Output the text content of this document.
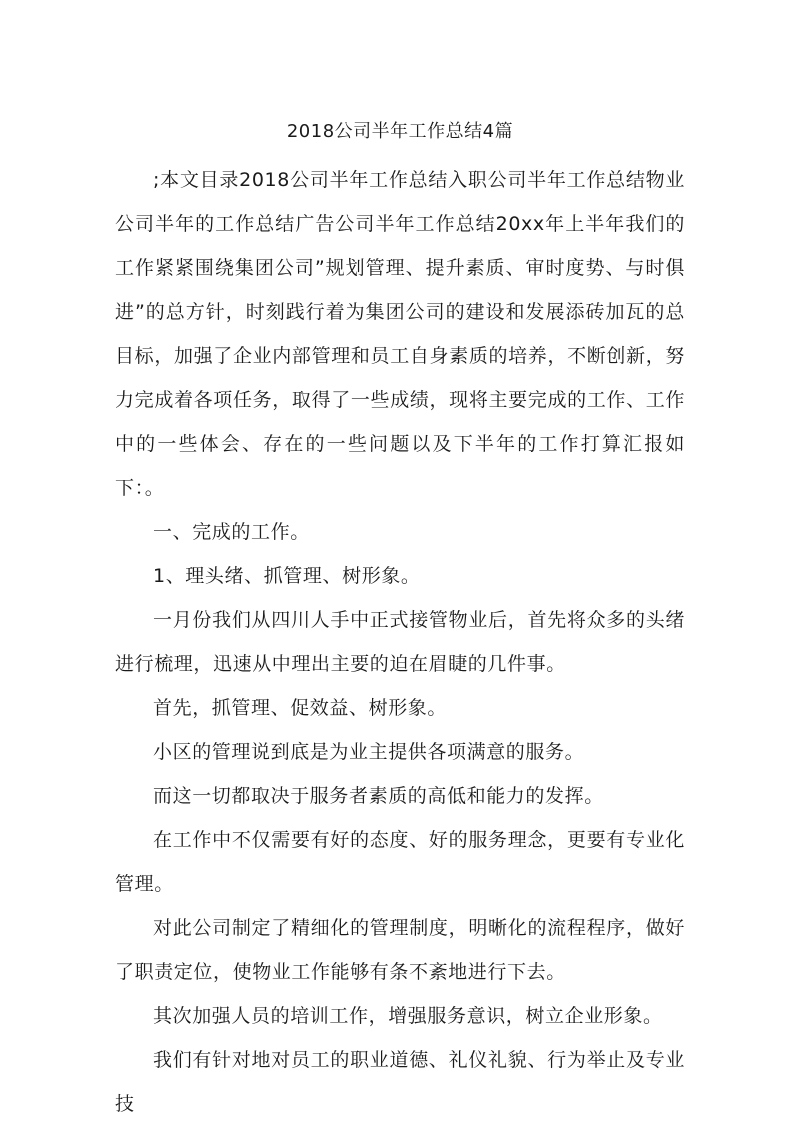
2018公司半年工作总结4篇

;本文目录2018公司半年工作总结入职公司半年工作总结物业公司半年的工作总结广告公司半年工作总结20xx年上半年我们的工作紧紧围绕集团公司”规划管理、提升素质、审时度势、与时俱进”的总方针，时刻践行着为集团公司的建设和发展添砖加瓦的总目标，加强了企业内部管理和员工自身素质的培养，不断创新，努力完成着各项任务，取得了一些成绩，现将主要完成的工作、工作中的一些体会、存在的一些问题以及下半年的工作打算汇报如下：。

一、完成的工作。

1、理头绪、抓管理、树形象。

一月份我们从四川人手中正式接管物业后，首先将众多的头绪进行梳理，迅速从中理出主要的迫在眉睫的几件事。

首先，抓管理、促效益、树形象。

小区的管理说到底是为业主提供各项满意的服务。

而这一切都取决于服务者素质的高低和能力的发挥。

在工作中不仅需要有好的态度、好的服务理念，更要有专业化管理。

对此公司制定了精细化的管理制度，明晰化的流程程序，做好了职责定位，使物业工作能够有条不紊地进行下去。

其次加强人员的培训工作，增强服务意识，树立企业形象。

我们有针对地对员工的职业道德、礼仪礼貌、行为举止及专业技
